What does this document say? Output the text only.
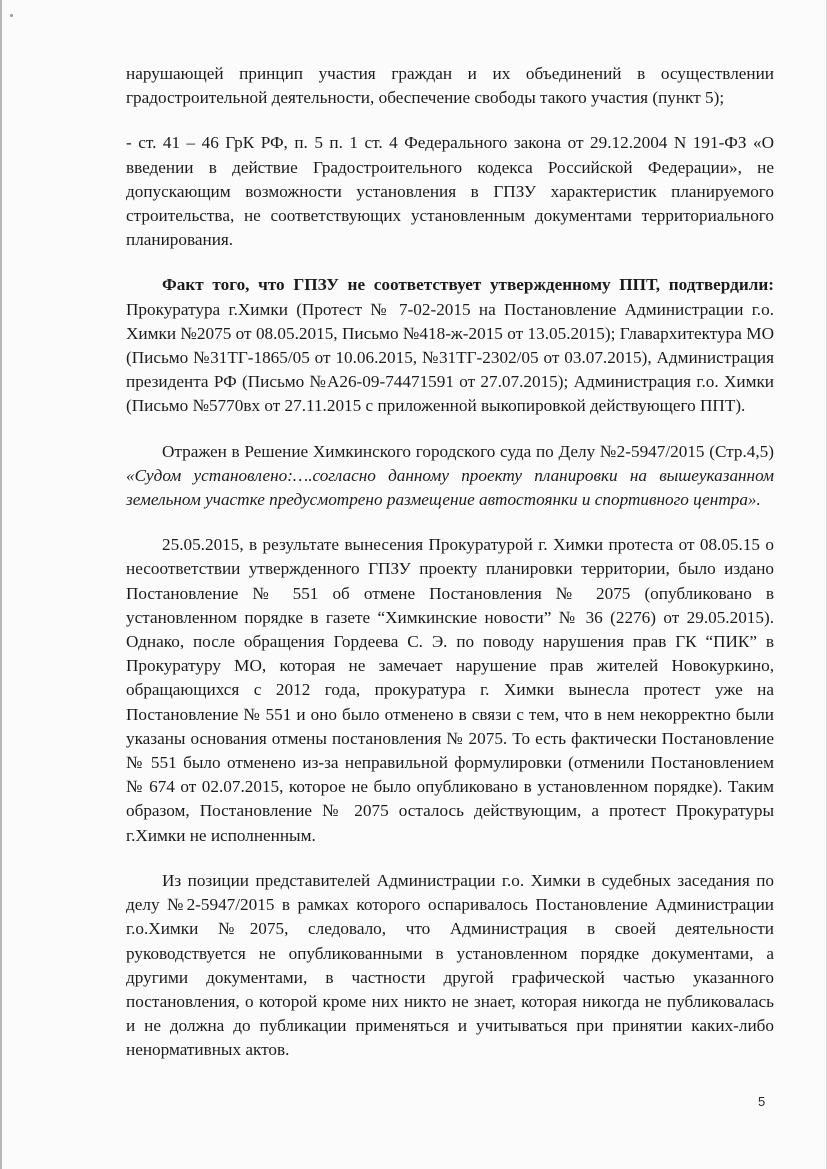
нарушающей принцип участия граждан и их объединений в осуществлении градостроительной деятельности, обеспечение свободы такого участия (пункт 5);

- ст. 41 – 46 ГрК РФ, п. 5 п. 1 ст. 4 Федерального закона от 29.12.2004 N 191-ФЗ «О введении в действие Градостроительного кодекса Российской Федерации», не допускающим возможности установления в ГПЗУ характеристик планируемого строительства, не соответствующих установленным документами территориального планирования.

Факт того, что ГПЗУ не соответствует утвержденному ППТ, подтвердили: Прокуратура г.Химки (Протест № 7-02-2015 на Постановление Администрации г.о. Химки №2075 от 08.05.2015, Письмо №418-ж-2015 от 13.05.2015); Главархитектура МО (Письмо №31ТГ-1865/05 от 10.06.2015, №31ТГ-2302/05 от 03.07.2015), Администрация президента РФ (Письмо №А26-09-74471591 от 27.07.2015); Администрация г.о. Химки (Письмо №5770вх от 27.11.2015 с приложенной выкопировкой действующего ППТ).

Отражен в Решение Химкинского городского суда по Делу №2-5947/2015 (Стр.4,5) «Судом установлено:….согласно данному проекту планировки на вышеуказанном земельном участке предусмотрено размещение автостоянки и спортивного центра».

25.05.2015, в результате вынесения Прокуратурой г. Химки протеста от 08.05.15 о несоответствии утвержденного ГПЗУ проекту планировки территории, было издано Постановление № 551 об отмене Постановления № 2075 (опубликовано в установленном порядке в газете “Химкинские новости” № 36 (2276) от 29.05.2015). Однако, после обращения Гордеева С. Э. по поводу нарушения прав ГК “ПИК” в Прокуратуру МО, которая не замечает нарушение прав жителей Новокуркино, обращающихся с 2012 года, прокуратура г. Химки вынесла протест уже на Постановление № 551 и оно было отменено в связи с тем, что в нем некорректно были указаны основания отмены постановления № 2075. То есть фактически Постановление № 551 было отменено из-за неправильной формулировки (отменили Постановлением № 674 от 02.07.2015, которое не было опубликовано в установленном порядке). Таким образом, Постановление № 2075 осталось действующим, а протест Прокуратуры г.Химки не исполненным.

Из позиции представителей Администрации г.о. Химки в судебных заседания по делу №2-5947/2015 в рамках которого оспаривалось Постановление Администрации г.о.Химки №2075, следовало, что Администрация в своей деятельности руководствуется не опубликованными в установленном порядке документами, а другими документами, в частности другой графической частью указанного постановления, о которой кроме них никто не знает, которая никогда не публиковалась и не должна до публикации применяться и учитываться при принятии каких-либо ненормативных актов.

5
